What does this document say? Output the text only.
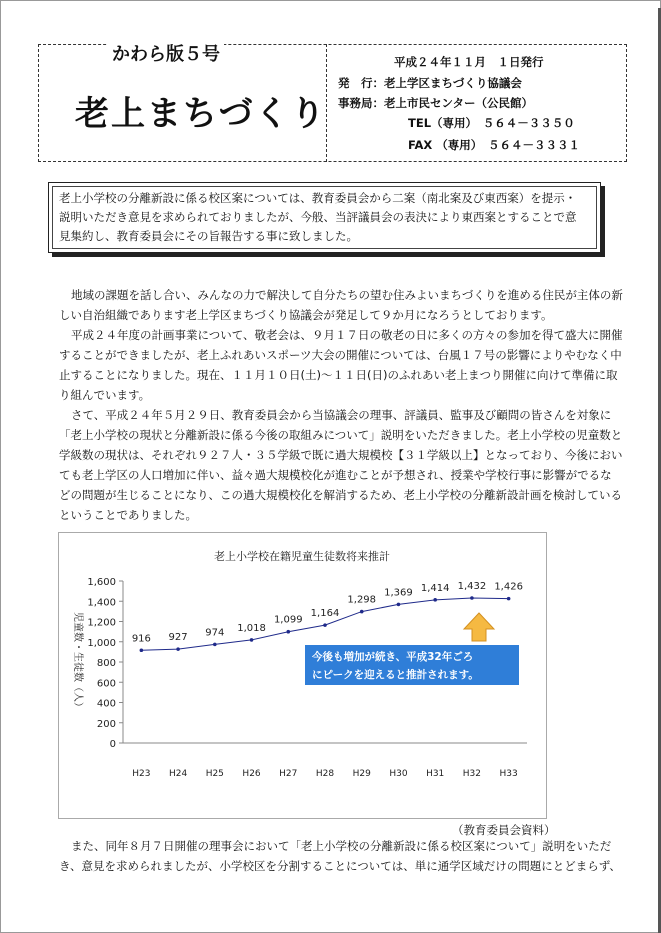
かわら版５号
老上まちづくり
平成２４年１１月　１日発行
発　行：老上学区まちづくり協議会
事務局：老上市民センター（公民館）
TEL（専用）　５６４－３３５０
FAX （専用）　５６４－３３３１

老上小学校の分離新設に係る校区案については、教育委員会から二案（南北案及び東西案）を提示・

説明いただき意見を求められておりましたが、今般、当評議員会の表決により東西案とすることで意

見集約し、教育委員会にその旨報告する事に致しました。

地域の課題を話し合い、みんなの力で解決して自分たちの望む住みよいまちづくりを進める住民が主体の新しい自治組織であります老上学区まちづくり協議会が発足して９か月になろうとしております。

平成２４年度の計画事業について、敬老会は、９月１７日の敬老の日に多くの方々の参加を得て盛大に開催することができましたが、老上ふれあいスポーツ大会の開催については、台風１７号の影響によりやむなく中止することになりました。現在、１１月１０日(土)～１１日(日)のふれあい老上まつり開催に向けて準備に取り組んでいます。

さて、平成２４年５月２９日、教育委員会から当協議会の理事、評議員、監事及び顧問の皆さんを対象に「老上小学校の現状と分離新設に係る今後の取組みについて」説明をいただきました。老上小学校の児童数と学級数の現状は、それぞれ９２７人・３５学級で既に過大規模校【３１学級以上】となっており、今後においても老上学区の人口増加に伴い、益々過大規模校化が進むことが予想され、授業や学校行事に影響がでるなどの問題が生じることになり、この過大規模校化を解消するため、老上小学校の分離新設計画を検討しているということでありました。

老上小学校在籍児童生徒数将来推計
0
200
400
600
800
1,000
1,200
1,400
1,600
児童数・生徒数（人）
H23 H24 H25 H26 H27 H28 H29 H30 H31 H32 H33
916 927 974 1,018
1,099
1,164
1,298
1,369 1,414 1,432 1,426
今後も増加が続き、平成32年ごろ
にピークを迎えると推計されます。
（教育委員会資料）

また、同年８月７日開催の理事会において「老上小学校の分離新設に係る校区案について」説明をいただき、意見を求められましたが、小学校区を分割することについては、単に通学区域だけの問題にとどまらず、
